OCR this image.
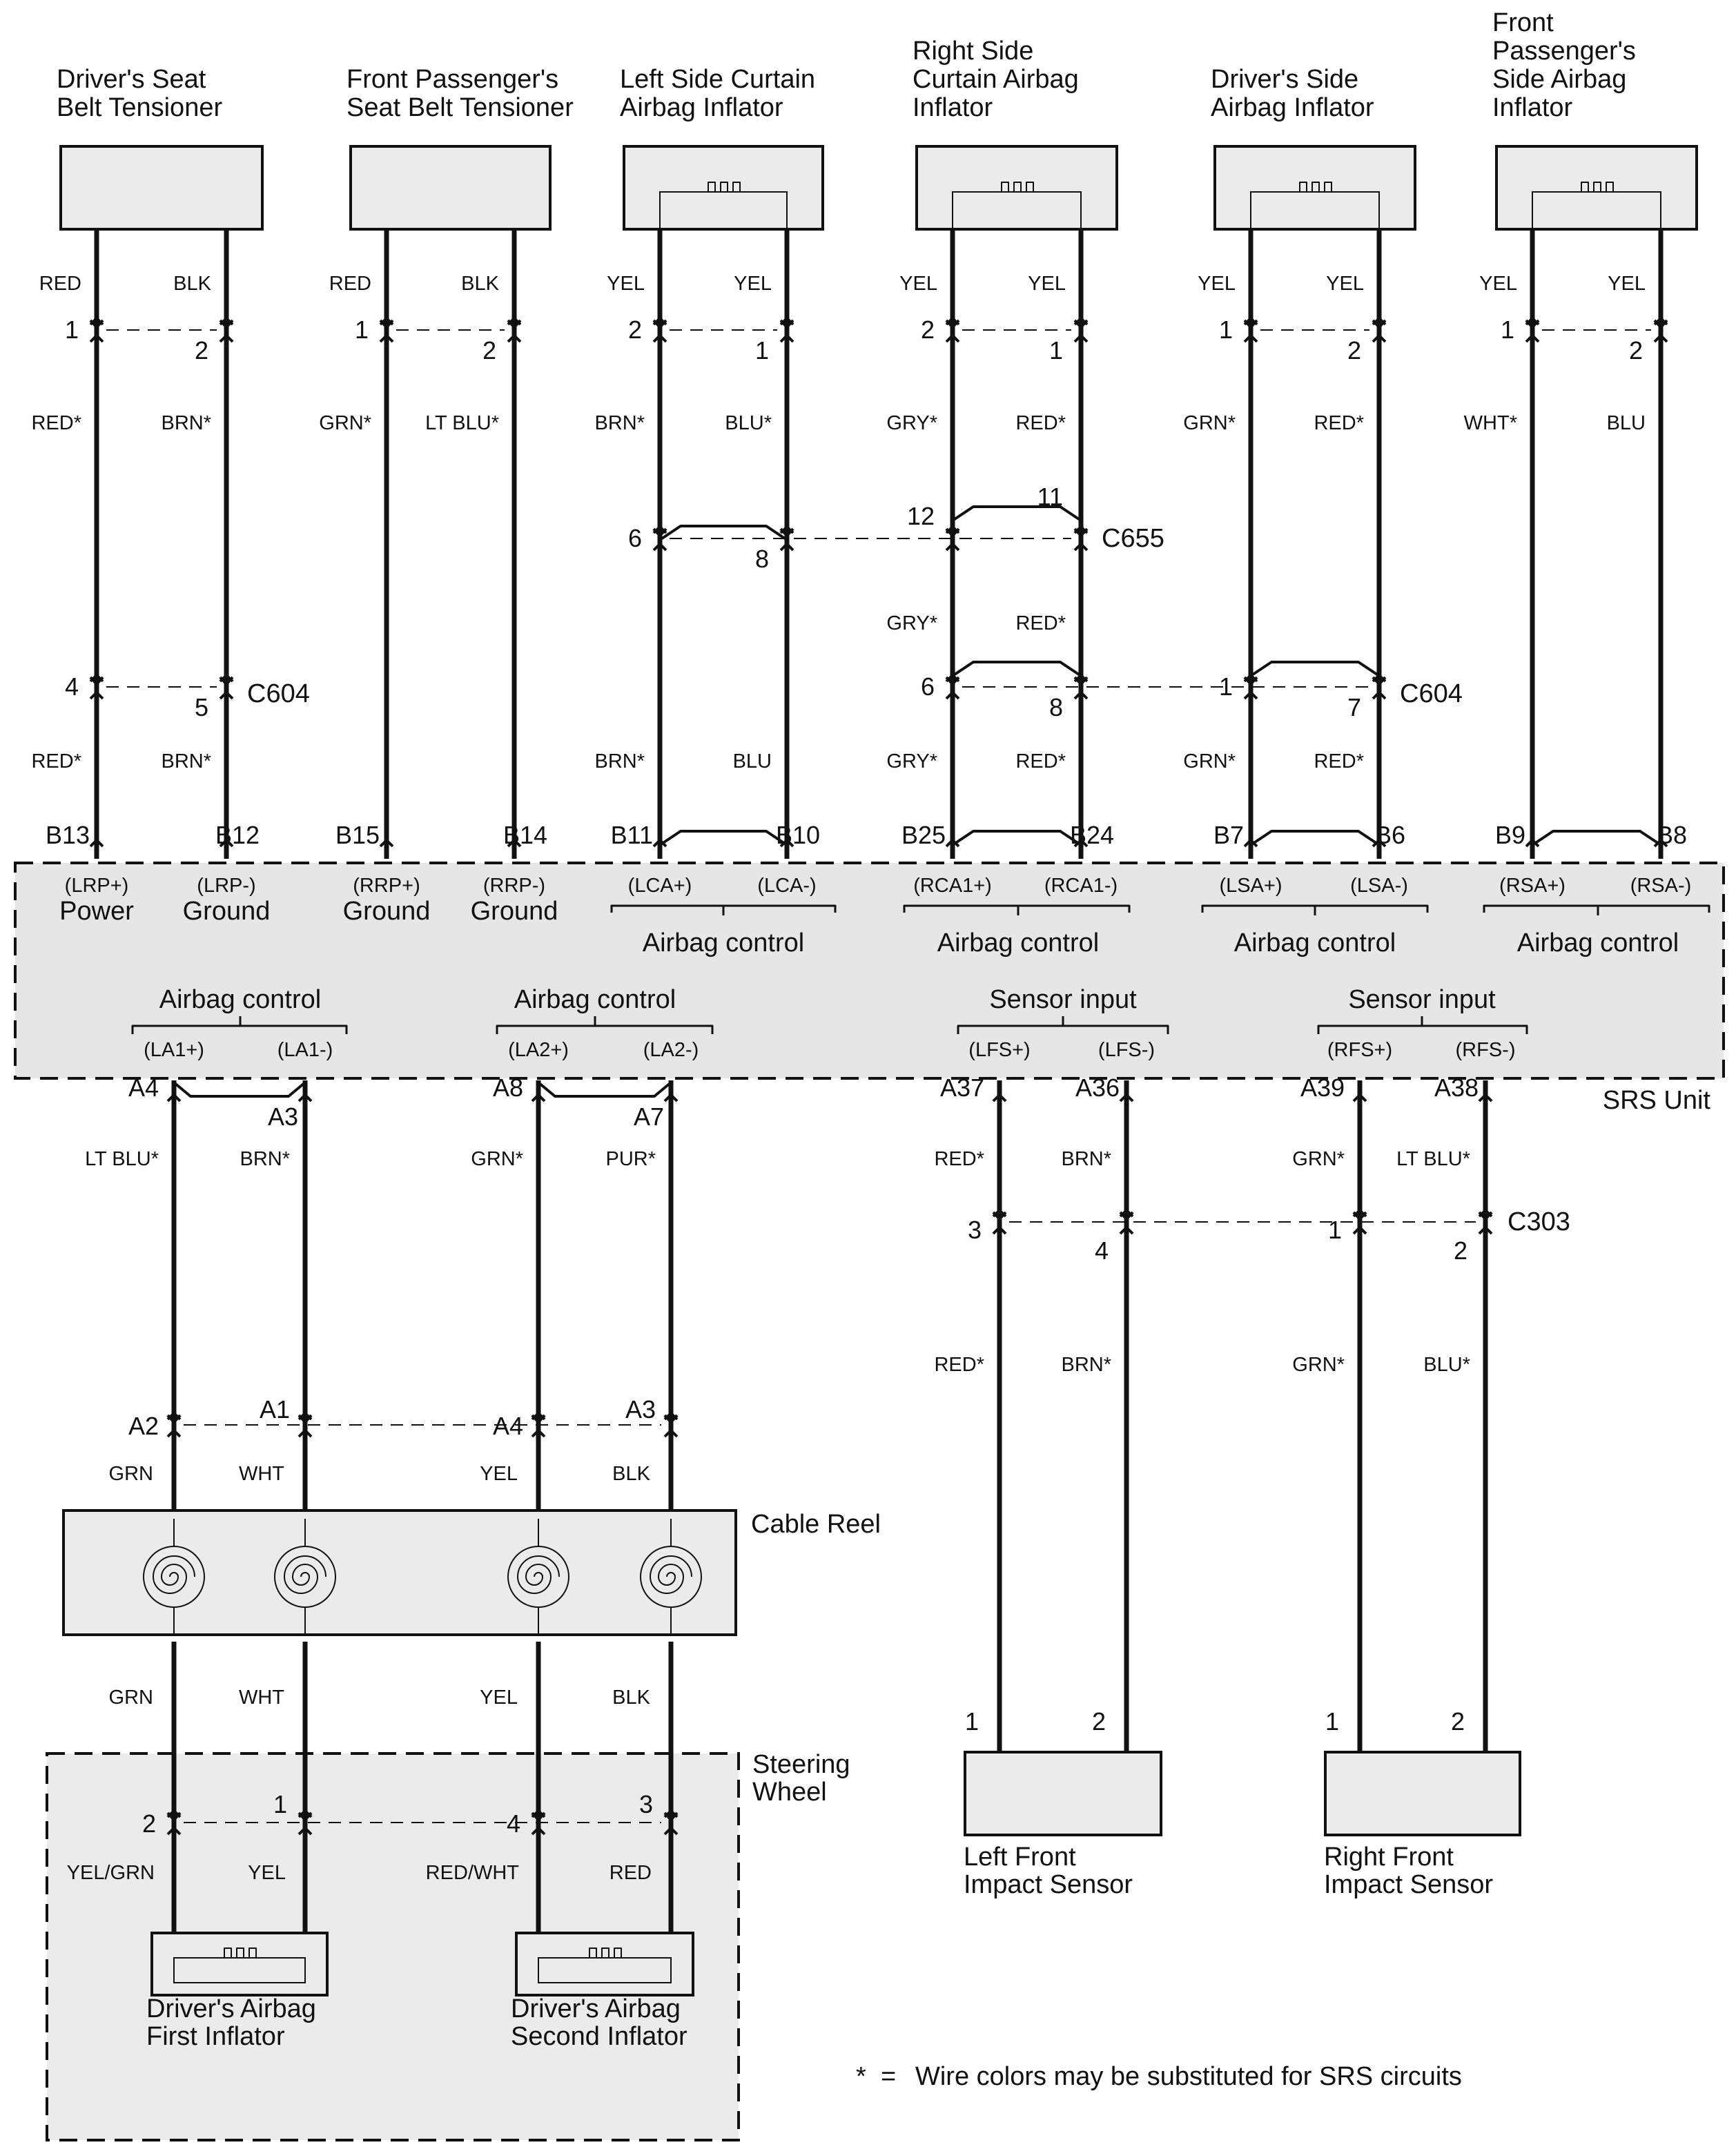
SRS Unit
Steering
Wheel
Driver's Seat
Belt Tensioner
Front Passenger's
Seat Belt Tensioner
Left Side Curtain
Airbag Inflator
Right Side
Curtain Airbag
Inflator
Driver's Side
Airbag Inflator
Front
Passenger's
Side Airbag
Inflator
RED
1
RED*
4
RED*
B13
(LRP+)
Power
BLK
2
BRN*
5
BRN*
B12
(LRP-)
Ground
RED
1
GRN*
B15
(RRP+)
Ground
BLK
2
LT BLU*
B14
(RRP-)
Ground
YEL
2
BRN*
6
BRN*
B11
(LCA+)
YEL
1
BLU*
8
BLU
B10
(LCA-)
YEL
2
GRY*
12
GRY*
6
GRY*
B25
(RCA1+)
YEL
1
RED*
11
RED*
8
RED*
B24
(RCA1-)
YEL
1
GRN*
1
GRN*
B7
(LSA+)
YEL
2
RED*
7
RED*
B6
(LSA-)
YEL
1
WHT*
B9
(RSA+)
YEL
2
BLU
B8
(RSA-)
C655
C604	C604
Airbag control	Airbag control	Airbag control	Airbag control
Airbag control	Airbag control	Sensor input	Sensor input
(LA1+)	(LA1-)	(LA2+)	(LA2-)	(LFS+)	(LFS-)	(RFS+)	(RFS-)
A4
A3
A8
A7
A37	A36	A39	A38
LT BLU*
A2
GRN
GRN
2
YEL/GRN
BRN*
A1
WHT
WHT
1
YEL
GRN*
A4
YEL
YEL
4
RED/WHT
PUR*
A3
BLK
BLK
3
RED
Cable Reel
Driver's Airbag
First Inflator
Driver's Airbag
Second Inflator
RED*
3
RED*
1
BRN*
4
BRN*
2
GRN*
1
GRN*
1
LT BLU*
2
BLU*
2
C303
Left Front
Impact Sensor
Right Front
Impact Sensor
* = Wire colors may be substituted for SRS circuits
